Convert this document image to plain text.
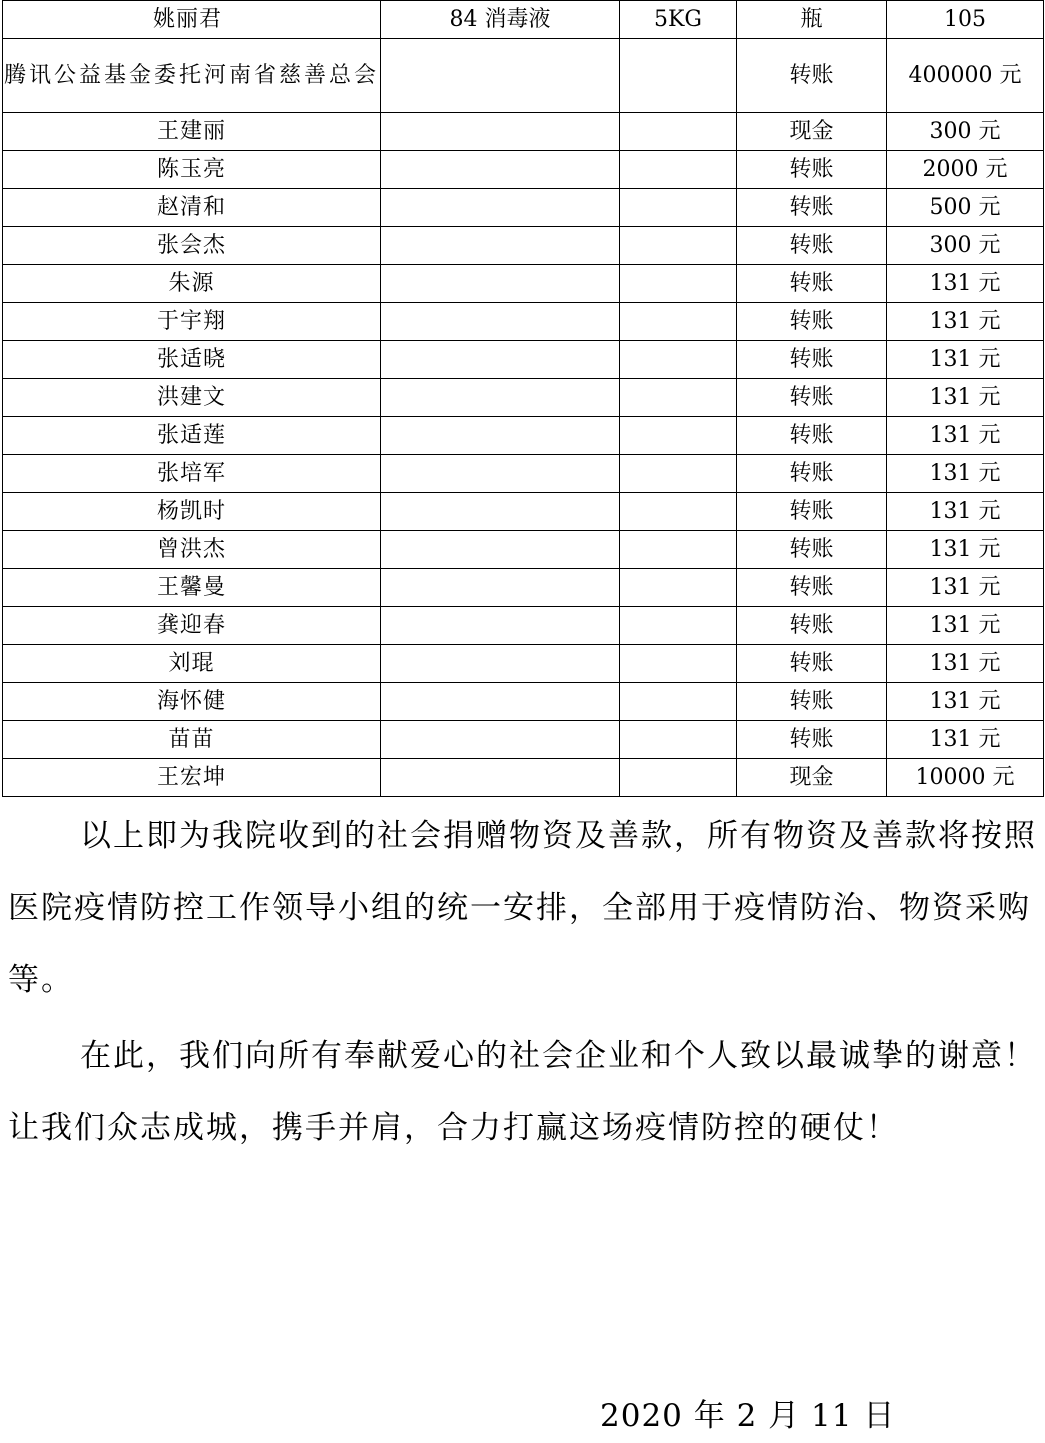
姚丽君	84 消毒液	5KG	瓶	105
腾讯公益基金委托河南省慈善总会			转账	400000 元
王建丽			现金	300 元
陈玉亮			转账	2000 元
赵清和			转账	500 元
张会杰			转账	300 元
朱源			转账	131 元
于宇翔			转账	131 元
张适晓			转账	131 元
洪建文			转账	131 元
张适莲			转账	131 元
张培军			转账	131 元
杨凯时			转账	131 元
曾洪杰			转账	131 元
王馨曼			转账	131 元
龚迎春			转账	131 元
刘琨			转账	131 元
海怀健			转账	131 元
苗苗			转账	131 元
王宏坤			现金	10000 元

以上即为我院收到的社会捐赠物资及善款，所有物资及善款将按照医院疫情防控工作领导小组的统一安排，全部用于疫情防治、物资采购等。

在此，我们向所有奉献爱心的社会企业和个人致以最诚挚的谢意！让我们众志成城，携手并肩，合力打赢这场疫情防控的硬仗！

2020 年 2 月 11 日
